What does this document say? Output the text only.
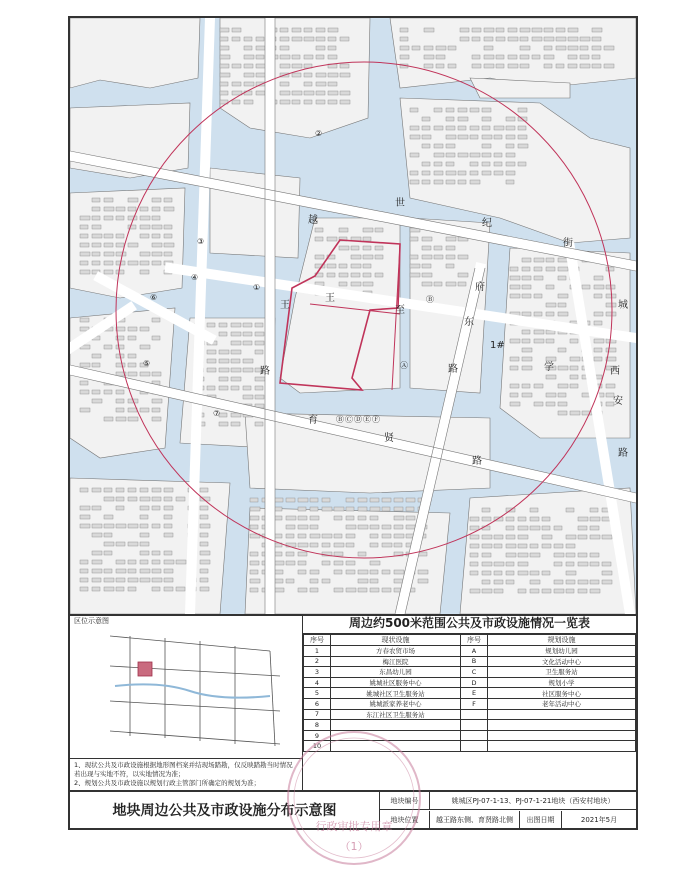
世
纪
街
越
王
路
府
东
路
王
至
学
育
贤
路
城
西
安
路
1#
①
②
③
④
⑤
⑥
⑦
Ⓐ
Ⓑ
Ⓑ Ⓒ Ⓓ Ⓔ Ⓕ
区位示意图
1、现状公共及市政设施根据地形图档案并结现场踏勘，仅反映踏勘当时情况
若出现与实地不符，以实地情况为准；
2、规划公共及市政设施以规划行政主管部门所确定的规划为准；
周边约500米范围公共及市政设施情况一览表
序号	现状设施	序号	规划设施
1	方春农贸市场	A	规划幼儿园
2	梅江医院	B	文化活动中心
3	东昌幼儿园	C	卫生服务站
4	姚城社区服务中心	D	规划小学
5	姚城社区卫生服务站	E	社区服务中心
6	姚城派家养老中心	F	老年活动中心
7	东江社区卫生服务站		
8			
9			
10			
地块周边公共及市政设施分布示意图
地块编号	姚城区PJ-07-1-13、PJ-07-1-21地块（西安村地块）
地块位置	越王路东侧、育贤路北侧	出图日期	2021年5月
行政审批专用章
（1）
